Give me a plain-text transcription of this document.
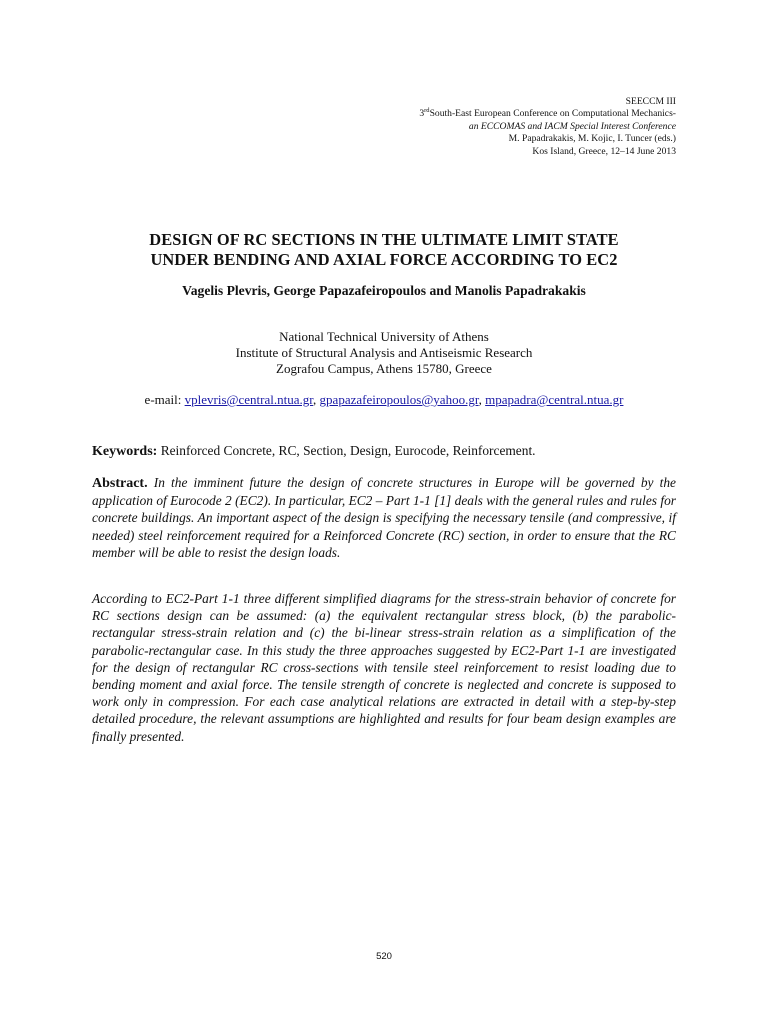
SEECCM III
3rdSouth-East European Conference on Computational Mechanics-
an ECCOMAS and IACM Special Interest Conference
M. Papadrakakis, M. Kojic, I. Tuncer (eds.)
Kos Island, Greece, 12–14 June 2013
DESIGN OF RC SECTIONS IN THE ULTIMATE LIMIT STATE
UNDER BENDING AND AXIAL FORCE ACCORDING TO EC2
Vagelis Plevris, George Papazafeiropoulos and Manolis Papadrakakis
National Technical University of Athens
Institute of Structural Analysis and Antiseismic Research
Zografou Campus, Athens 15780, Greece
e-mail: vplevris@central.ntua.gr, gpapazafeiropoulos@yahoo.gr, mpapadra@central.ntua.gr
Keywords: Reinforced Concrete, RC, Section, Design, Eurocode, Reinforcement.
Abstract. In the imminent future the design of concrete structures in Europe will be governed by the application of Eurocode 2 (EC2). In particular, EC2 – Part 1-1 [1] deals with the general rules and rules for concrete buildings. An important aspect of the design is specifying the necessary tensile (and compressive, if needed) steel reinforcement required for a Reinforced Concrete (RC) section, in order to ensure that the RC member will be able to resist the design loads.
According to EC2-Part 1-1 three different simplified diagrams for the stress-strain behavior of concrete for RC sections design can be assumed: (a) the equivalent rectangular stress block, (b) the parabolic-rectangular stress-strain relation and (c) the bi-linear stress-strain relation as a simplification of the parabolic-rectangular case. In this study the three approaches suggested by EC2-Part 1-1 are investigated for the design of rectangular RC cross-sections with tensile steel reinforcement to resist loading due to bending moment and axial force. The tensile strength of concrete is neglected and concrete is supposed to work only in compression. For each case analytical relations are extracted in detail with a step-by-step detailed procedure, the relevant assumptions are highlighted and results for four beam design examples are finally presented.
520
